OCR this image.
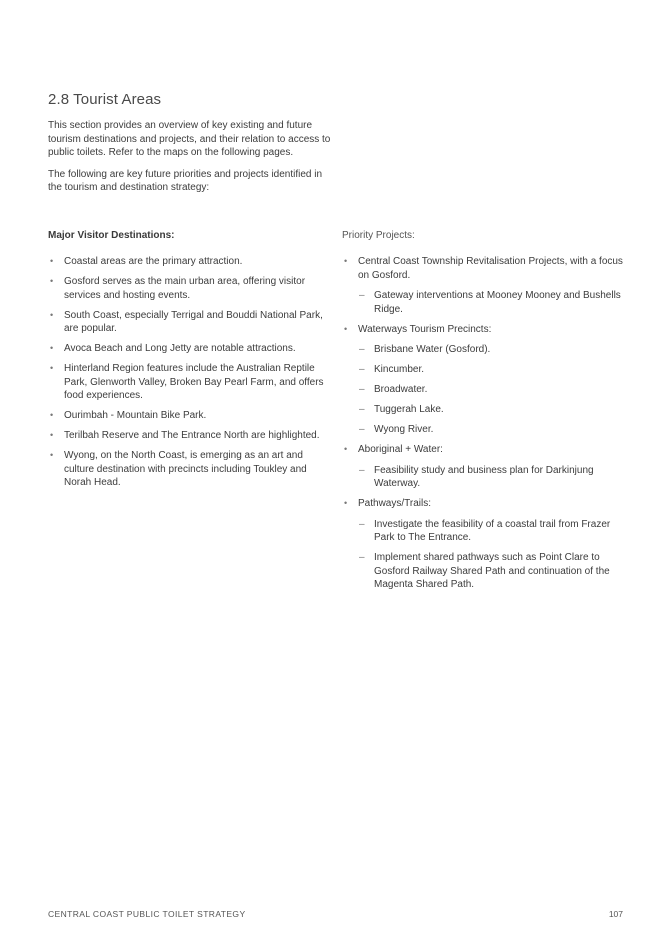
2.8 Tourist Areas

This section provides an overview of key existing and future tourism destinations and projects, and their relation to access to public toilets. Refer to the maps on the following pages.

The following are key future priorities and projects identified in the tourism and destination strategy:

Major Visitor Destinations:
• Coastal areas are the primary attraction.
• Gosford serves as the main urban area, offering visitor services and hosting events.
• South Coast, especially Terrigal and Bouddi National Park, are popular.
• Avoca Beach and Long Jetty are notable attractions.
• Hinterland Region features include the Australian Reptile Park, Glenworth Valley, Broken Bay Pearl Farm, and offers food experiences.
• Ourimbah - Mountain Bike Park.
• Terilbah Reserve and The Entrance North are highlighted.
• Wyong, on the North Coast, is emerging as an art and culture destination with precincts including Toukley and Norah Head.
Priority Projects:
• Central Coast Township Revitalisation Projects, with a focus on Gosford.
– Gateway interventions at Mooney Mooney and Bushells Ridge.
• Waterways Tourism Precincts:
– Brisbane Water (Gosford).
– Kincumber.
– Broadwater.
– Tuggerah Lake.
– Wyong River.
• Aboriginal + Water:
– Feasibility study and business plan for Darkinjung Waterway.
• Pathways/Trails:
– Investigate the feasibility of a coastal trail from Frazer Park to The Entrance.
– Implement shared pathways such as Point Clare to Gosford Railway Shared Path and continuation of the Magenta Shared Path.
CENTRAL COAST PUBLIC TOILET STRATEGY	107
